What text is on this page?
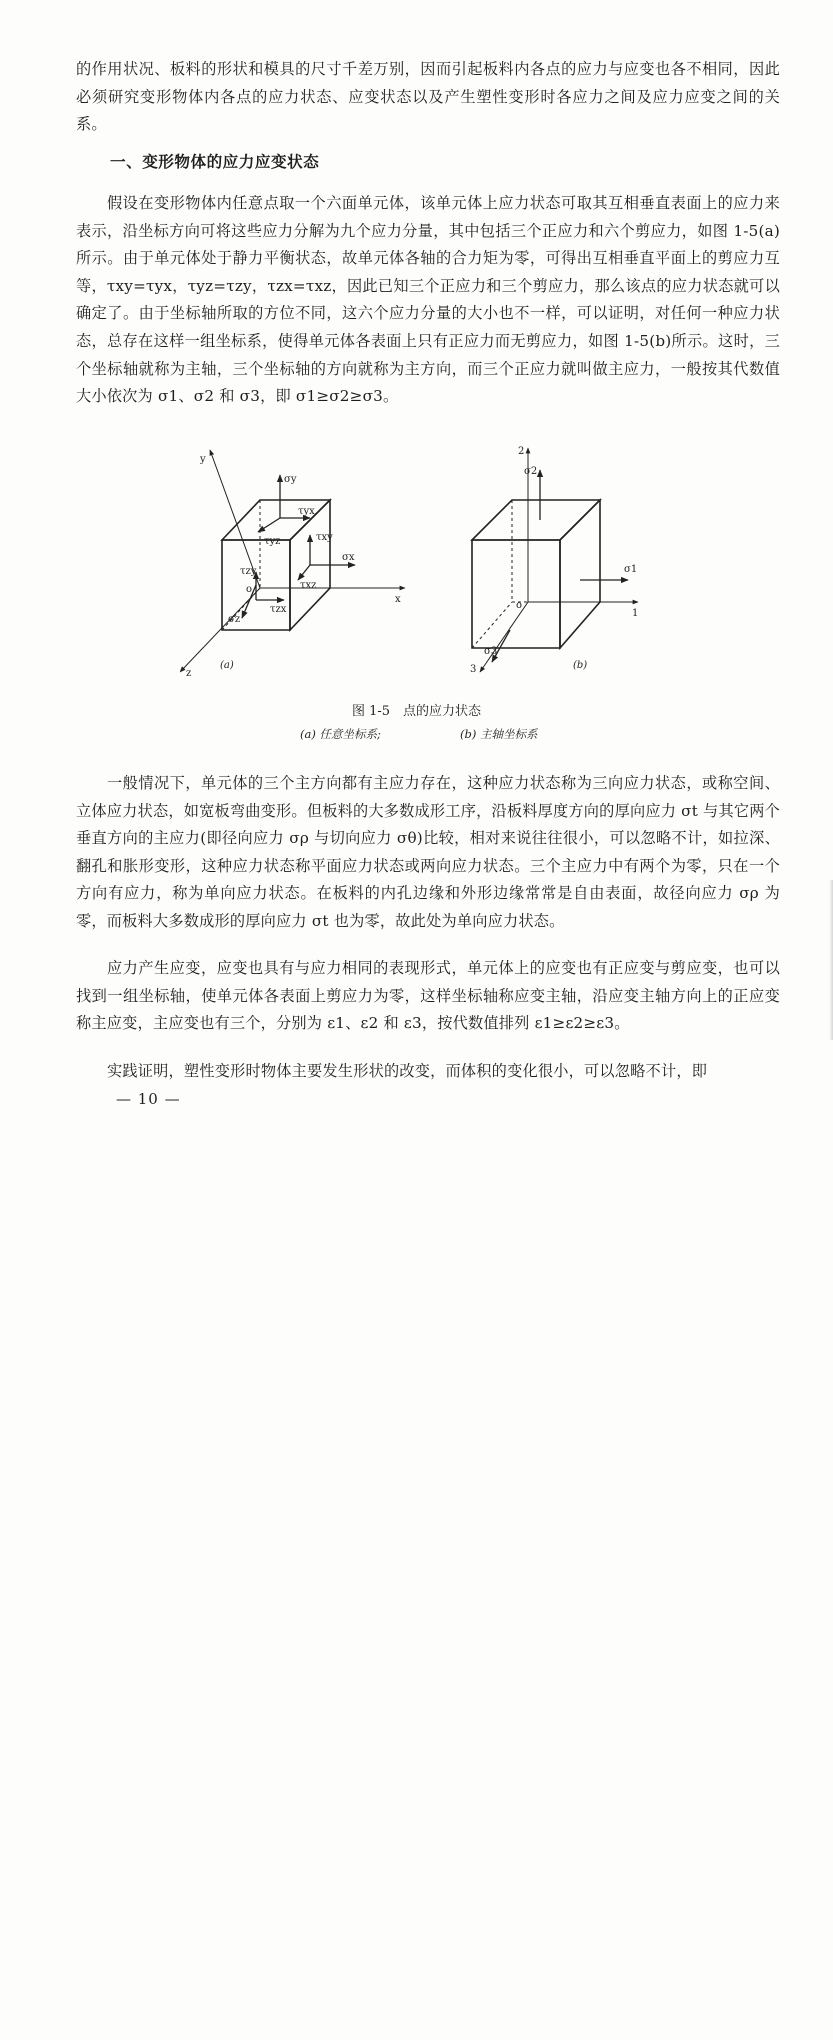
的作用状况、板料的形状和模具的尺寸千差万别，因而引起板料内各点的应力与应变也各不相同，因此必须研究变形物体内各点的应力状态、应变状态以及产生塑性变形时各应力之间及应力应变之间的关系。
一、变形物体的应力应变状态
假设在变形物体内任意点取一个六面单元体，该单元体上应力状态可取其互相垂直表面上的应力来表示，沿坐标方向可将这些应力分解为九个应力分量，其中包括三个正应力和六个剪应力，如图 1-5(a)所示。由于单元体处于静力平衡状态，故单元体各轴的合力矩为零，可得出互相垂直平面上的剪应力互等，τxy=τyx，τyz=τzy，τzx=τxz，因此已知三个正应力和三个剪应力，那么该点的应力状态就可以确定了。由于坐标轴所取的方位不同，这六个应力分量的大小也不一样，可以证明，对任何一种应力状态，总存在这样一组坐标系，使得单元体各表面上只有正应力而无剪应力，如图 1-5(b)所示。这时，三个坐标轴就称为主轴，三个坐标轴的方向就称为主方向，而三个正应力就叫做主应力，一般按其代数值大小依次为 σ1、σ2 和 σ3，即 σ1≥σ2≥σ3。
y
x
z
o
σy
τyx
τyz
σx
τxy
τxz
σz
τzx
τzy
(a)
2
1
3
o
σ2
σ1
σ3
(b)
图 1-5　点的应力状态
(a) 任意坐标系;	(b) 主轴坐标系
一般情况下，单元体的三个主方向都有主应力存在，这种应力状态称为三向应力状态，或称空间、立体应力状态，如宽板弯曲变形。但板料的大多数成形工序，沿板料厚度方向的厚向应力 σt 与其它两个垂直方向的主应力(即径向应力 σρ 与切向应力 σθ)比较，相对来说往往很小，可以忽略不计，如拉深、翻孔和胀形变形，这种应力状态称平面应力状态或两向应力状态。三个主应力中有两个为零，只在一个方向有应力，称为单向应力状态。在板料的内孔边缘和外形边缘常常是自由表面，故径向应力 σρ 为零，而板料大多数成形的厚向应力 σt 也为零，故此处为单向应力状态。
应力产生应变，应变也具有与应力相同的表现形式，单元体上的应变也有正应变与剪应变，也可以找到一组坐标轴，使单元体各表面上剪应力为零，这样坐标轴称应变主轴，沿应变主轴方向上的正应变称主应变，主应变也有三个，分别为 ε1、ε2 和 ε3，按代数值排列 ε1≥ε2≥ε3。
实践证明，塑性变形时物体主要发生形状的改变，而体积的变化很小，可以忽略不计，即
— 10 —
